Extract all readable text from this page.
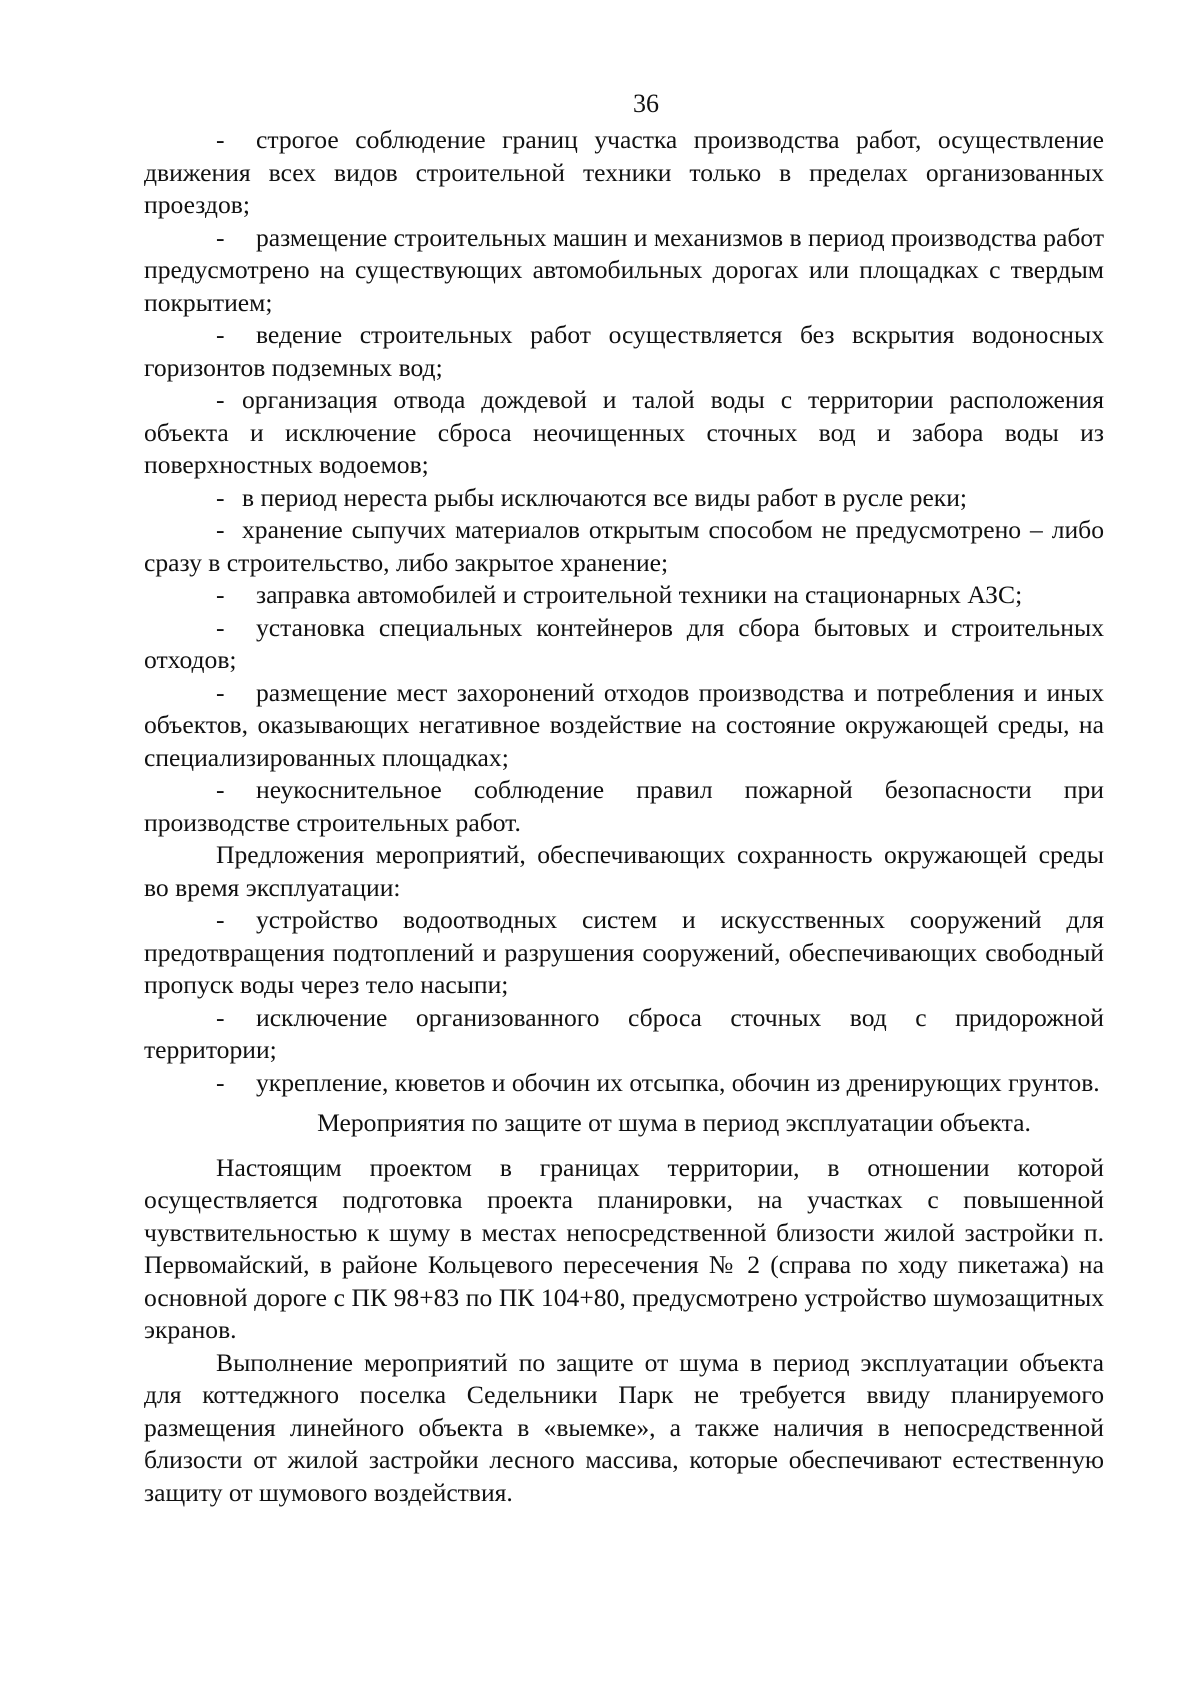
36

- строгое соблюдение границ участка производства работ, осуществление движения всех видов строительной техники только в пределах организованных проездов;

- размещение строительных машин и механизмов в период производства работ предусмотрено на существующих автомобильных дорогах или площадках с твердым покрытием;

- ведение строительных работ осуществляется без вскрытия водоносных горизонтов подземных вод;

- организация отвода дождевой и талой воды с территории расположения объекта и исключение сброса неочищенных сточных вод и забора воды из поверхностных водоемов;

- в период нереста рыбы исключаются все виды работ в русле реки;

- хранение сыпучих материалов открытым способом не предусмотрено – либо сразу в строительство, либо закрытое хранение;

- заправка автомобилей и строительной техники на стационарных АЗС;

- установка специальных контейнеров для сбора бытовых и строительных отходов;

- размещение мест захоронений отходов производства и потребления и иных объектов, оказывающих негативное воздействие на состояние окружающей среды, на специализированных площадках;

- неукоснительное соблюдение правил пожарной безопасности при производстве строительных работ.

Предложения мероприятий, обеспечивающих сохранность окружающей среды во время эксплуатации:

- устройство водоотводных систем и искусственных сооружений для предотвращения подтоплений и разрушения сооружений, обеспечивающих свободный пропуск воды через тело насыпи;

- исключение организованного сброса сточных вод с придорожной территории;

- укрепление, кюветов и обочин их отсыпка, обочин из дренирующих грунтов.

Мероприятия по защите от шума в период эксплуатации объекта.

Настоящим проектом в границах территории, в отношении которой осуществляется подготовка проекта планировки, на участках с повышенной чувствительностью к шуму в местах непосредственной близости жилой застройки п. Первомайский, в районе Кольцевого пересечения № 2 (справа по ходу пикетажа) на основной дороге с ПК 98+83 по ПК 104+80, предусмотрено устройство шумозащитных экранов.

Выполнение мероприятий по защите от шума в период эксплуатации объекта для коттеджного поселка Седельники Парк не требуется ввиду планируемого размещения линейного объекта в «выемке», а также наличия в непосредственной близости от жилой застройки лесного массива, которые обеспечивают естественную защиту от шумового воздействия.
